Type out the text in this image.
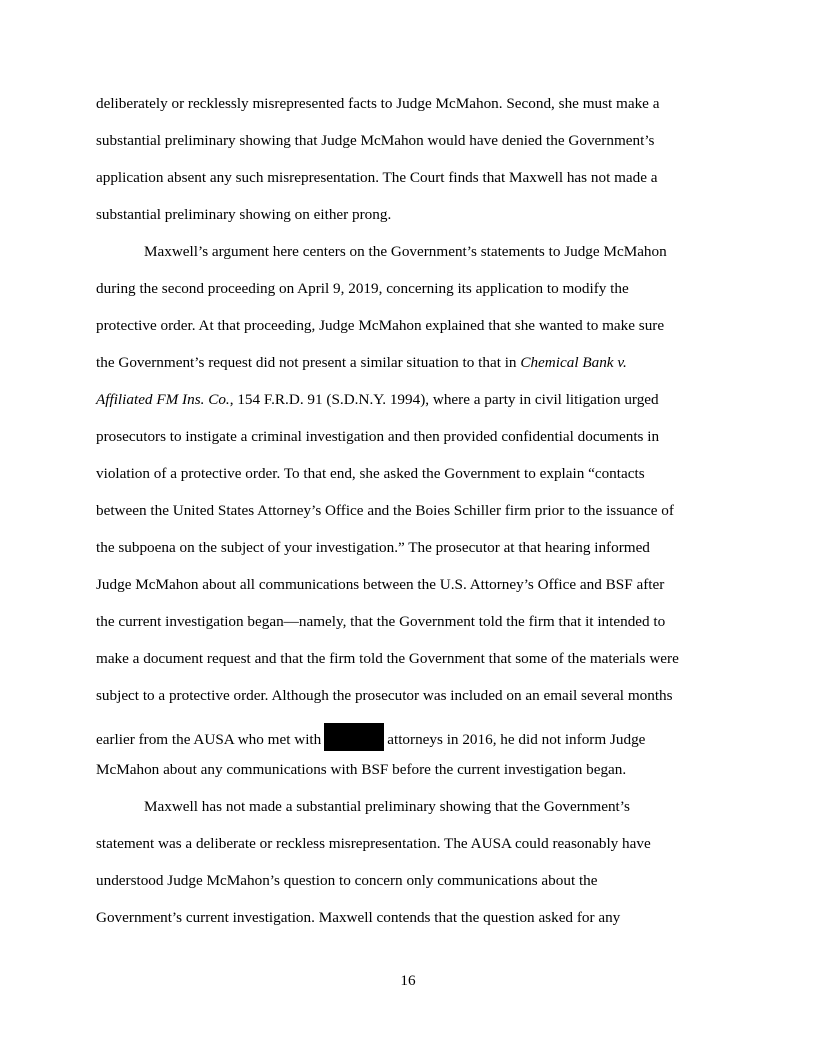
deliberately or recklessly misrepresented facts to Judge McMahon. Second, she must make a
substantial preliminary showing that Judge McMahon would have denied the Government’s
application absent any such misrepresentation. The Court finds that Maxwell has not made a
substantial preliminary showing on either prong.
Maxwell’s argument here centers on the Government’s statements to Judge McMahon
during the second proceeding on April 9, 2019, concerning its application to modify the
protective order. At that proceeding, Judge McMahon explained that she wanted to make sure
the Government’s request did not present a similar situation to that in Chemical Bank v.
Affiliated FM Ins. Co., 154 F.R.D. 91 (S.D.N.Y. 1994), where a party in civil litigation urged
prosecutors to instigate a criminal investigation and then provided confidential documents in
violation of a protective order. To that end, she asked the Government to explain “contacts
between the United States Attorney’s Office and the Boies Schiller firm prior to the issuance of
the subpoena on the subject of your investigation.” The prosecutor at that hearing informed
Judge McMahon about all communications between the U.S. Attorney’s Office and BSF after
the current investigation began—namely, that the Government told the firm that it intended to
make a document request and that the firm told the Government that some of the materials were
subject to a protective order. Although the prosecutor was included on an email several months
earlier from the AUSA who met with	attorneys in 2016, he did not inform Judge
McMahon about any communications with BSF before the current investigation began.
Maxwell has not made a substantial preliminary showing that the Government’s
statement was a deliberate or reckless misrepresentation. The AUSA could reasonably have
understood Judge McMahon’s question to concern only communications about the
Government’s current investigation. Maxwell contends that the question asked for any
16
